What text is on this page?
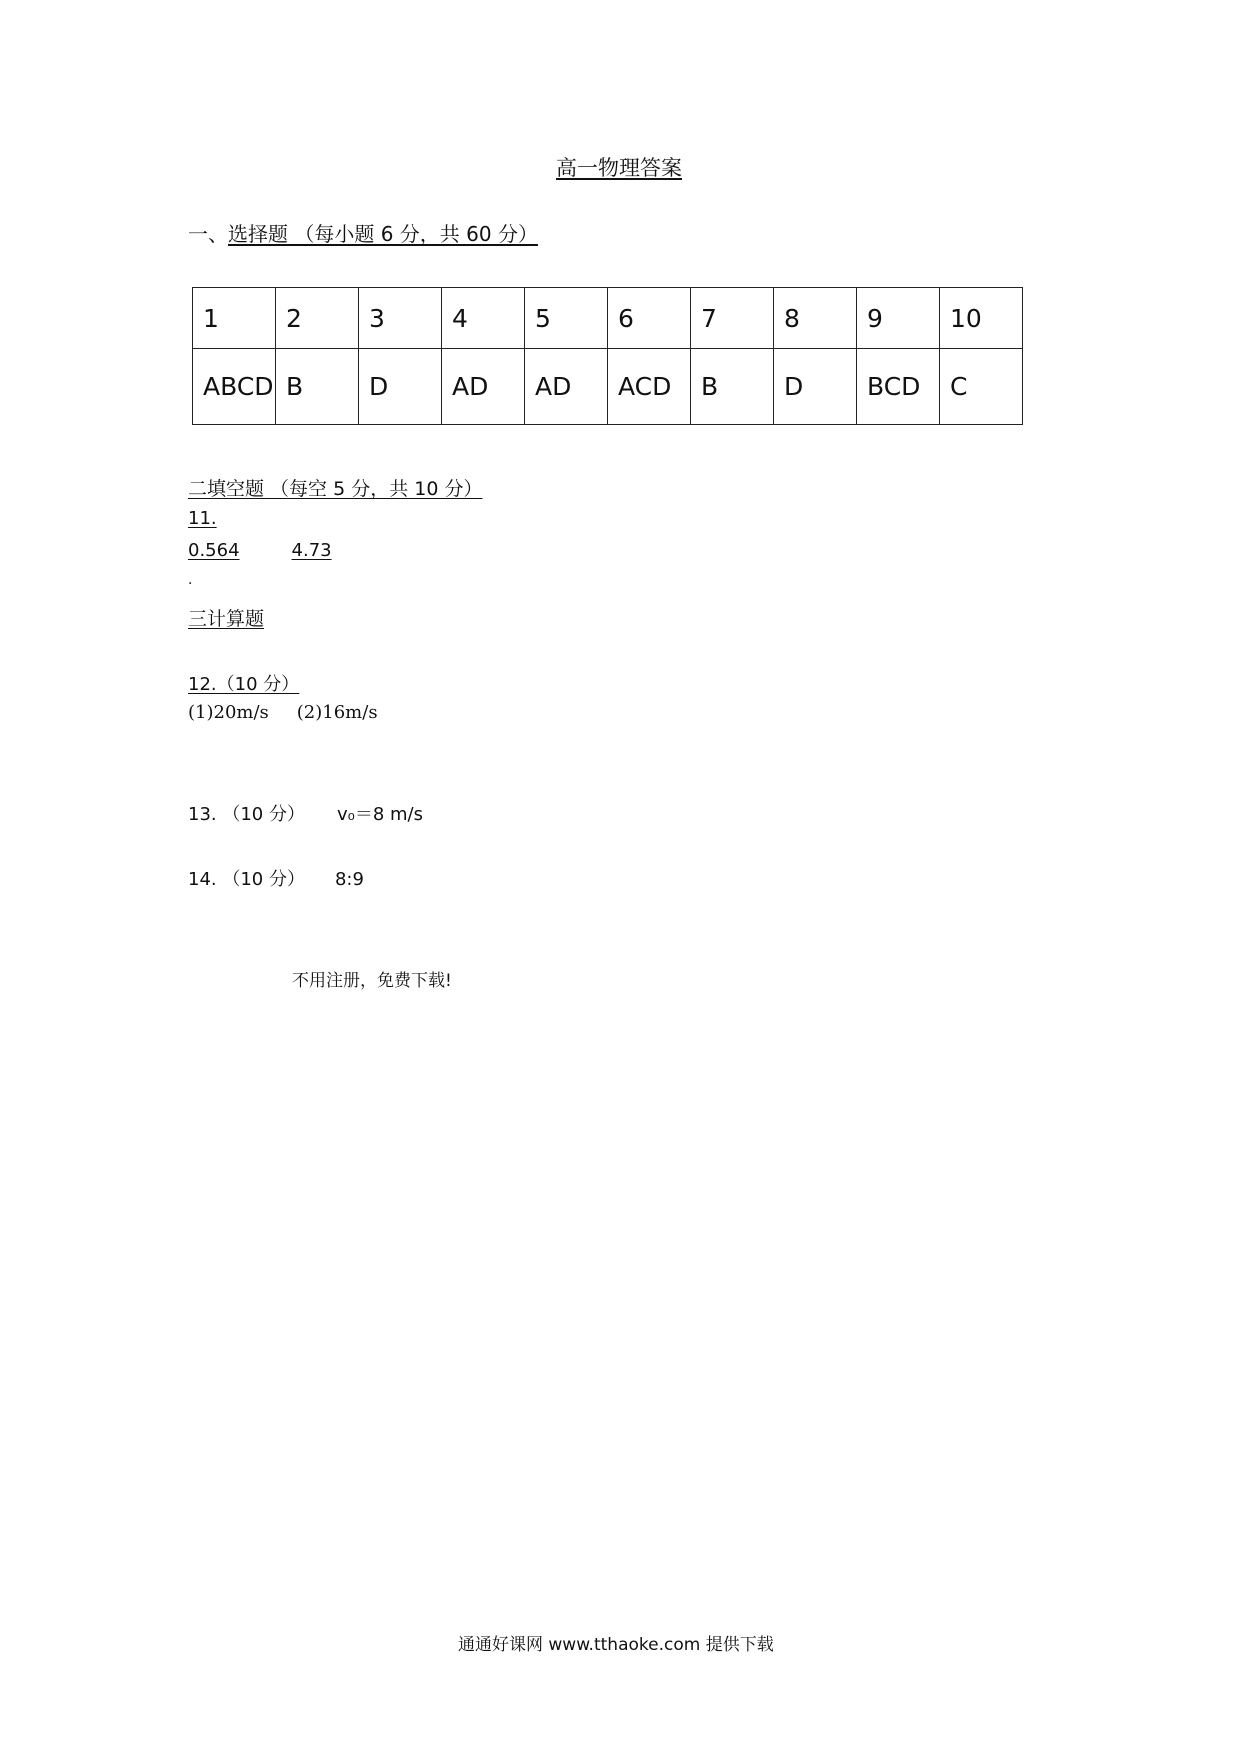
高一物理答案
一、选择题 （每小题 6 分，共 60 分）
1	2	3	4	5	6	7	8	9	10
ABCD	B	D	AD	AD	ACD	B	D	BCD	C
二填空题 （每空 5 分，共 10 分）
11.
0.564	4.73
.
三计算题
12.（10 分）
(1)20m/s (2)16m/s
13. （10 分） v₀＝8 m/s
14. （10 分） 8:9
不用注册，免费下载!
通通好课网 www.tthaoke.com 提供下载
